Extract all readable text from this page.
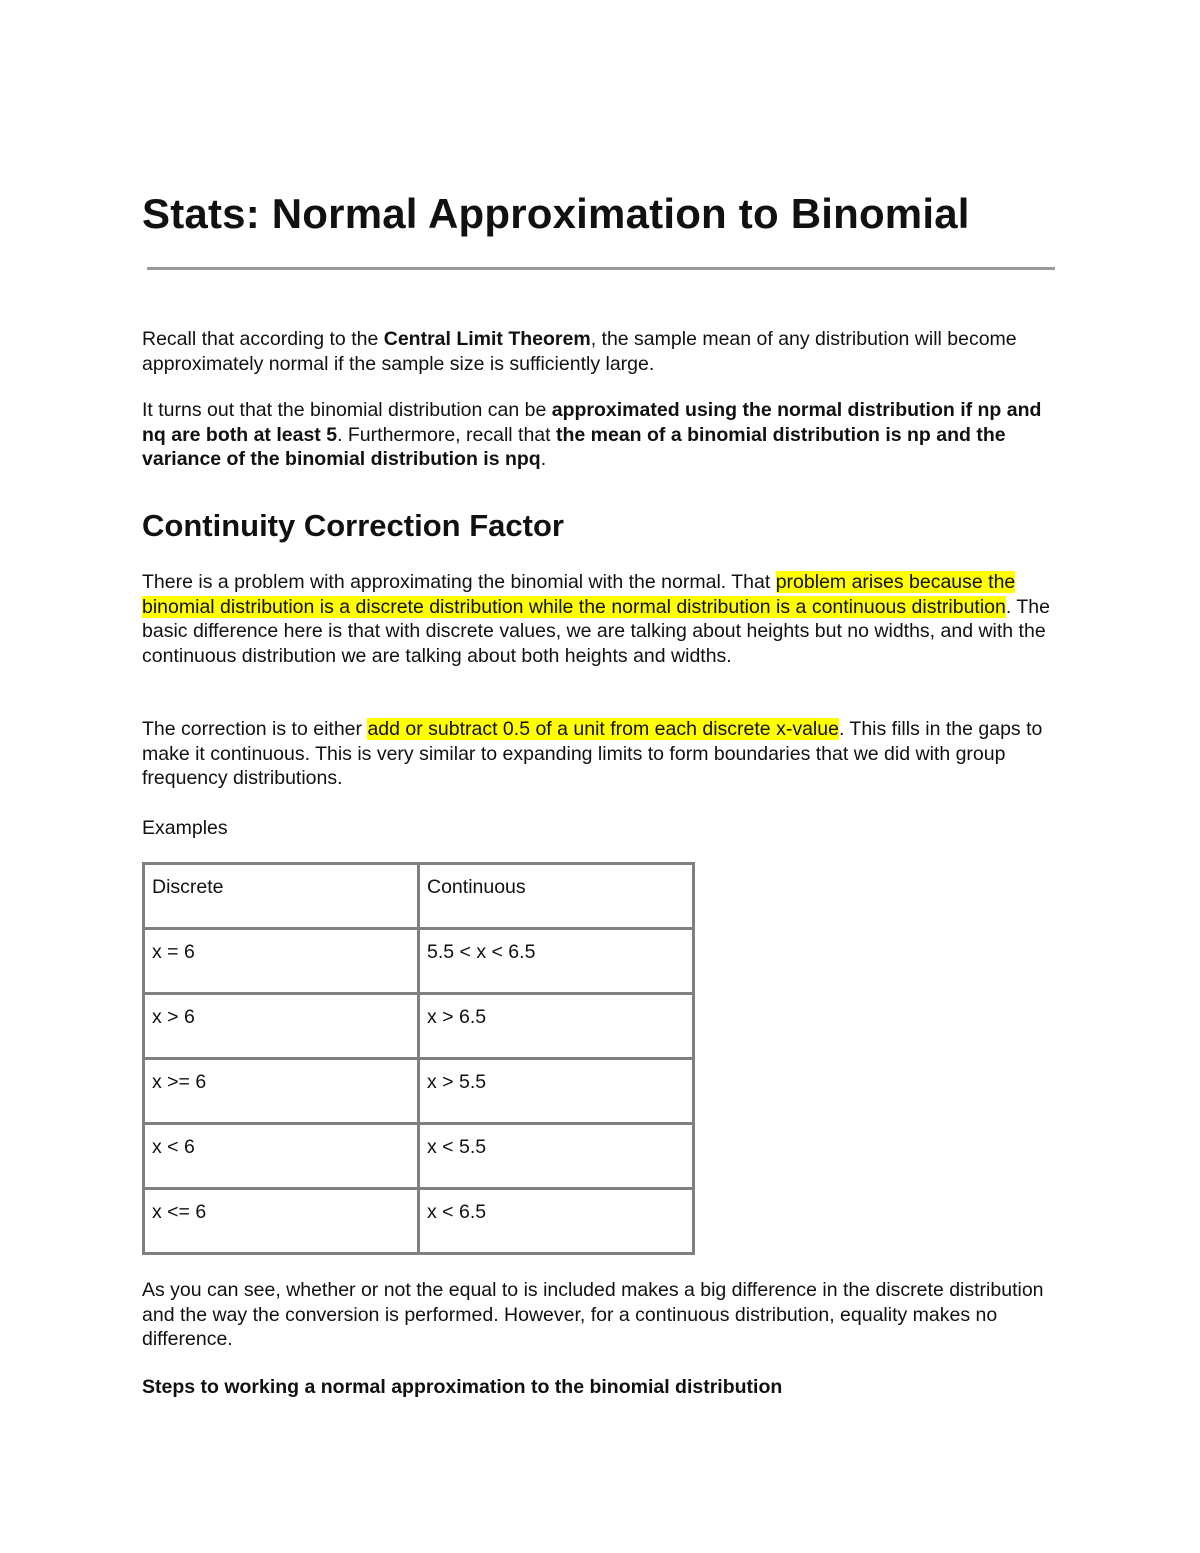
Stats: Normal Approximation to Binomial

Recall that according to the Central Limit Theorem, the sample mean of any distribution will become approximately normal if the sample size is sufficiently large.

It turns out that the binomial distribution can be approximated using the normal distribution if np and nq are both at least 5. Furthermore, recall that the mean of a binomial distribution is np and the variance of the binomial distribution is npq.

Continuity Correction Factor

There is a problem with approximating the binomial with the normal. That problem arises because the binomial distribution is a discrete distribution while the normal distribution is a continuous distribution. The basic difference here is that with discrete values, we are talking about heights but no widths, and with the continuous distribution we are talking about both heights and widths.

The correction is to either add or subtract 0.5 of a unit from each discrete x-value. This fills in the gaps to make it continuous. This is very similar to expanding limits to form boundaries that we did with group frequency distributions.

Examples

Discrete	Continuous
x = 6	5.5 < x < 6.5
x > 6	x > 6.5
x >= 6	x > 5.5
x < 6	x < 5.5
x <= 6	x < 6.5

As you can see, whether or not the equal to is included makes a big difference in the discrete distribution and the way the conversion is performed. However, for a continuous distribution, equality makes no difference.

Steps to working a normal approximation to the binomial distribution
